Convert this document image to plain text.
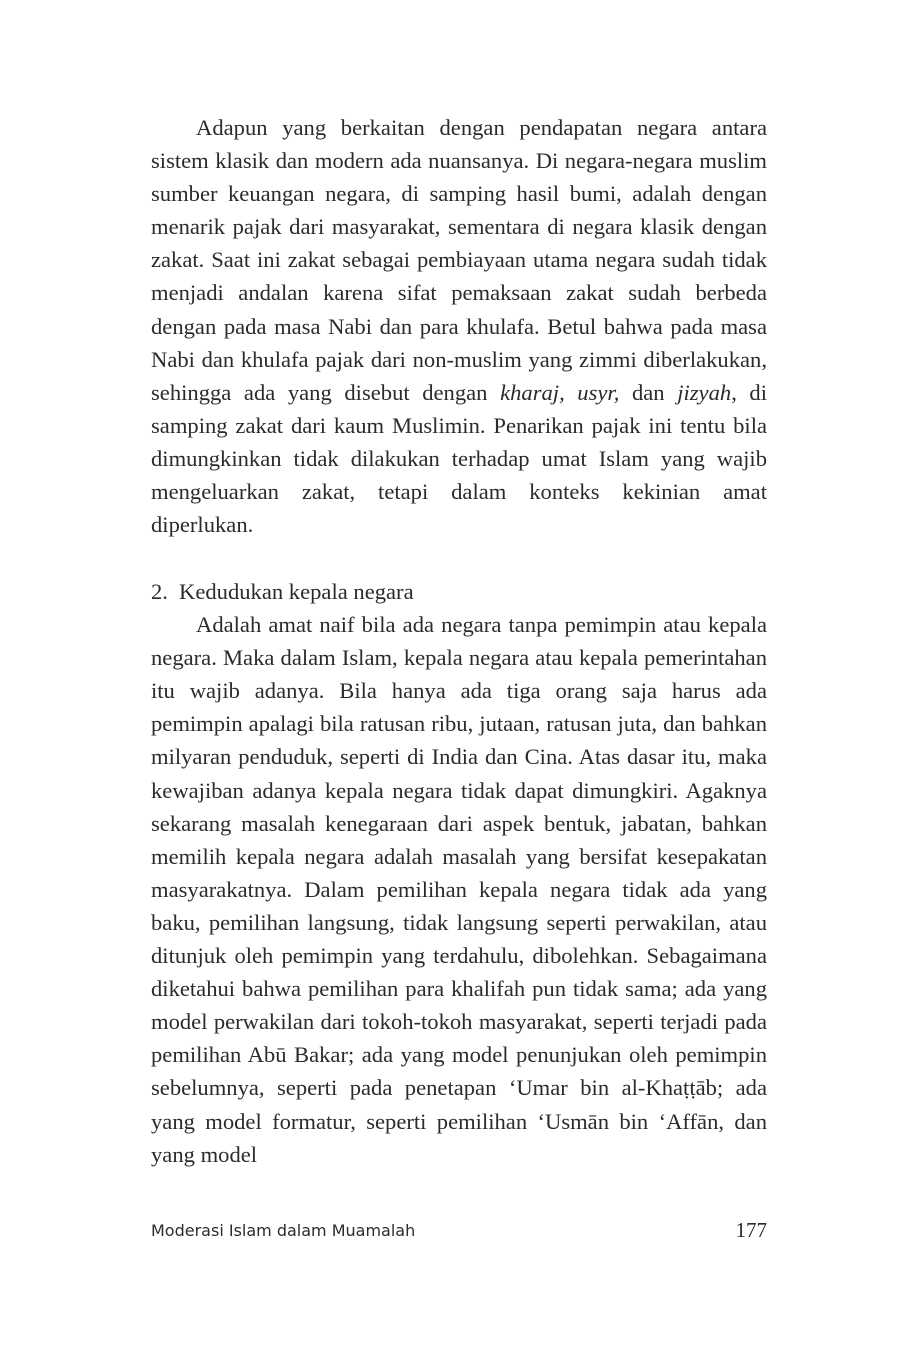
Adapun yang berkaitan dengan pendapatan negara antara sistem klasik dan modern ada nuansanya. Di negara-negara muslim sumber keuangan negara, di samping hasil bumi, adalah dengan menarik pajak dari masyarakat, sementara di negara klasik dengan zakat. Saat ini zakat sebagai pembiayaan utama negara sudah tidak menjadi andalan karena sifat pemaksaan zakat sudah berbeda dengan pada masa Nabi dan para khulafa. Betul bahwa pada masa Nabi dan khulafa pajak dari non-muslim yang zimmi diberlakukan, sehingga ada yang disebut dengan kharaj, usyr, dan jizyah, di samping zakat dari kaum Muslimin. Penarikan pajak ini tentu bila dimungkinkan tidak dilakukan terhadap umat Islam yang wajib mengeluarkan zakat, tetapi dalam konteks kekinian amat diperlukan.

2. Kedudukan kepala negara

Adalah amat naif bila ada negara tanpa pemimpin atau kepala negara. Maka dalam Islam, kepala negara atau kepala pemerintahan itu wajib adanya. Bila hanya ada tiga orang saja harus ada pemimpin apalagi bila ratusan ribu, jutaan, ratusan juta, dan bahkan milyaran penduduk, seperti di India dan Cina. Atas dasar itu, maka kewajiban adanya kepala negara tidak dapat dimungkiri. Agaknya sekarang masalah kenegaraan dari aspek bentuk, jabatan, bahkan memilih kepala negara adalah masalah yang bersifat kesepakatan masyarakatnya. Dalam pemilihan kepala negara tidak ada yang baku, pemilihan langsung, tidak langsung seperti perwakilan, atau ditunjuk oleh pemimpin yang terdahulu, dibolehkan. Sebagaimana diketahui bahwa pemilihan para khalifah pun tidak sama; ada yang model perwakilan dari tokoh-tokoh masyarakat, seperti terjadi pada pemilihan Abū Bakar; ada yang model penunjukan oleh pemimpin sebelumnya, seperti pada penetapan ‘Umar bin al-Khaṭṭāb; ada yang model formatur, seperti pemilihan ‘Usmān bin ‘Affān, dan yang model

Moderasi Islam dalam Muamalah	177
